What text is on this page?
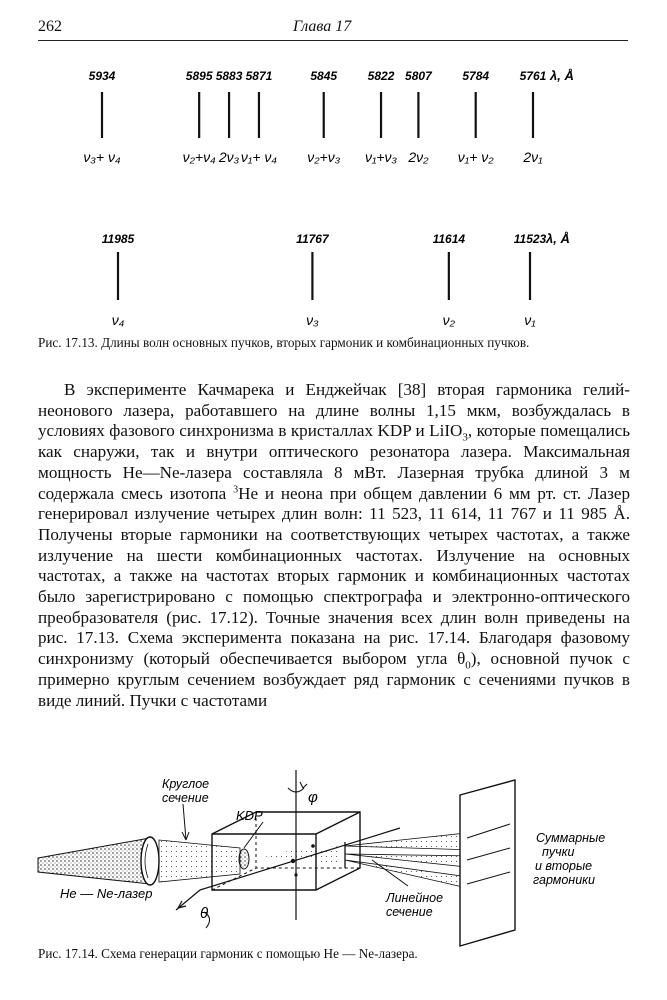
262	Глава 17
5934
ν₃+ ν₄
5895
ν₂+ν₄
5883
2ν₃
5871
ν₁+ ν₄
5845
ν₂+ν₃
5822
ν₁+ν₃
5807
2ν₂
5784
ν₁+ ν₂
5761
2ν₁
λ, Å
11985
ν₄
11767
ν₃
11614
ν₂
11523
ν₁
λ, Å
Рис. 17.13. Длины волн основных пучков, вторых гармоник и комбинационных пучков.

В эксперименте Качмарека и Енджейчак [38] вторая гармоника гелий-неонового лазера, работавшего на длине волны 1,15 мкм, возбуждалась в условиях фазового синхронизма в кристаллах KDP и LiIO$_3$, которые помещались как снаружи, так и внутри оптического резонатора лазера. Максимальная мощность He—Ne-лазера составляла 8 мВт. Лазерная трубка длиной 3 м содержала смесь изотопа $^3$He и неона при общем давлении 6 мм рт. ст. Лазер генерировал излучение четырех длин волн: 11 523, 11 614, 11 767 и 11 985 Å. Получены вторые гармоники на соответствующих четырех частотах, а также излучение на шести комбинационных частотах. Излучение на основных частотах, а также на частотах вторых гармоник и комбинационных частотах было зарегистрировано с помощью спектрографа и электронно-оптического преобразователя (рис. 17.12). Точные значения всех длин волн приведены на рис. 17.13. Схема эксперимента показана на рис. 17.14. Благодаря фазовому синхронизму (который обеспечивается выбором угла $\theta_0$), основной пучок с примерно круглым сечением возбуждает ряд гармоник с сечениями пучков в виде линий. Пучки с частотами

Круглое
сечение
KDP
φ
θ
He — Ne-лазер	Линейное
сечение
Суммарные
пучки
и вторые
гармоники
Рис. 17.14. Схема генерации гармоник с помощью He — Ne-лазера.
